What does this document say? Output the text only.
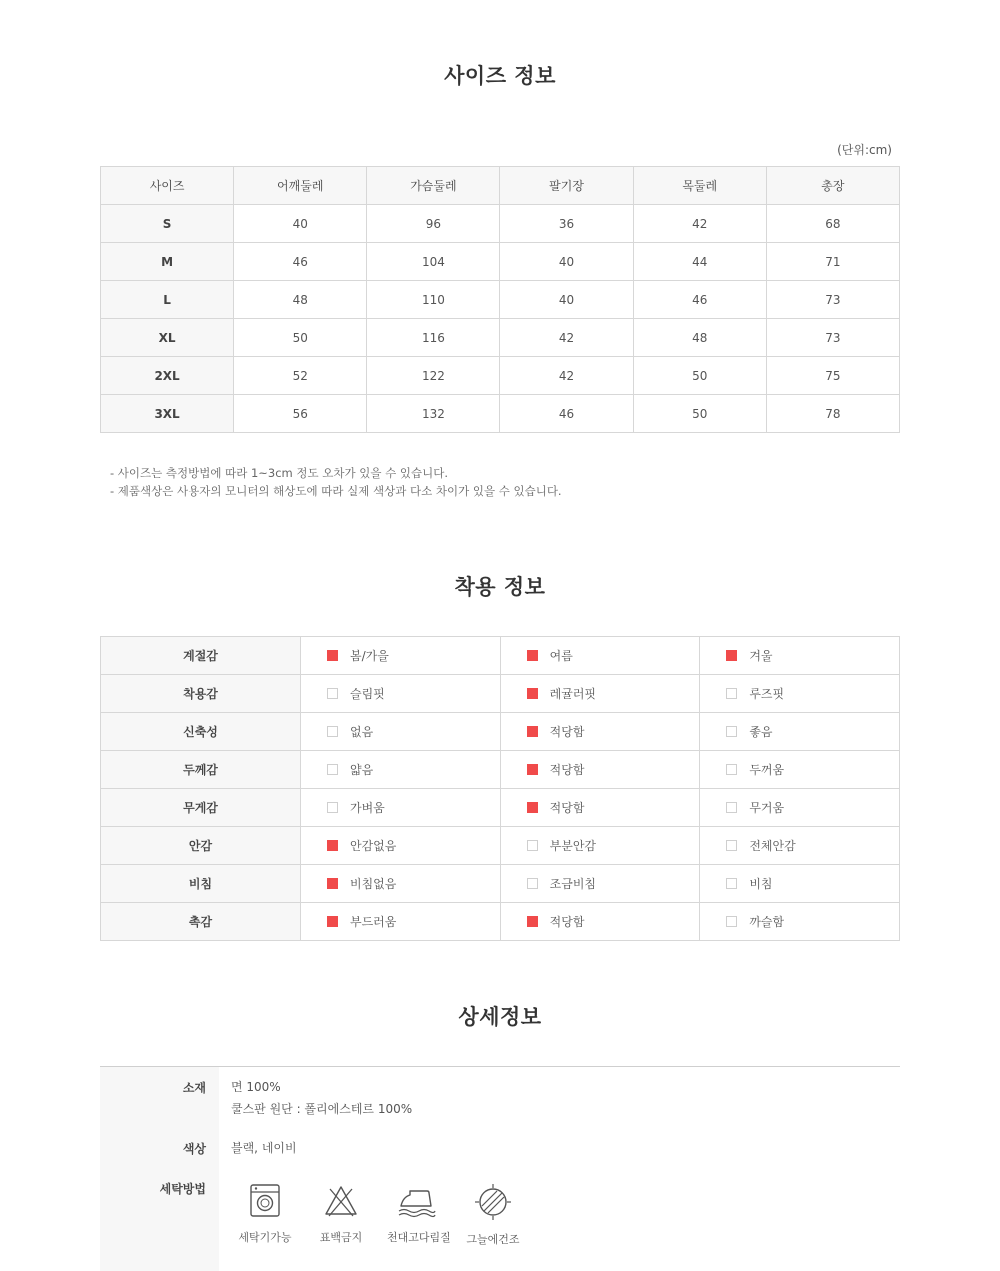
사이즈 정보
(단위:cm)
사이즈	어깨둘레	가슴둘레	팔기장	목둘레	총장
S	40	96	36	42	68
M	46	104	40	44	71
L	48	110	40	46	73
XL	50	116	42	48	73
2XL	52	122	42	50	75
3XL	56	132	46	50	78
- 사이즈는 측정방법에 따라 1~3cm 정도 오차가 있을 수 있습니다.
- 제품색상은 사용자의 모니터의 해상도에 따라 실제 색상과 다소 차이가 있을 수 있습니다.
착용 정보
계절감	봄/가을	여름	겨울
착용감	슬림핏	레귤러핏	루즈핏
신축성	없음	적당함	좋음
두께감	얇음	적당함	두꺼움
무게감	가벼움	적당함	무거움
안감	안감없음	부분안감	전체안감
비침	비침없음	조금비침	비침
촉감	부드러움	적당함	까슬함
상세정보
소재 면 100%
쿨스판 원단 : 폴리에스테르 100%
색상 블랙, 네이비
세탁방법
세탁기가능	표백금지	천대고다림질	그늘에건조
